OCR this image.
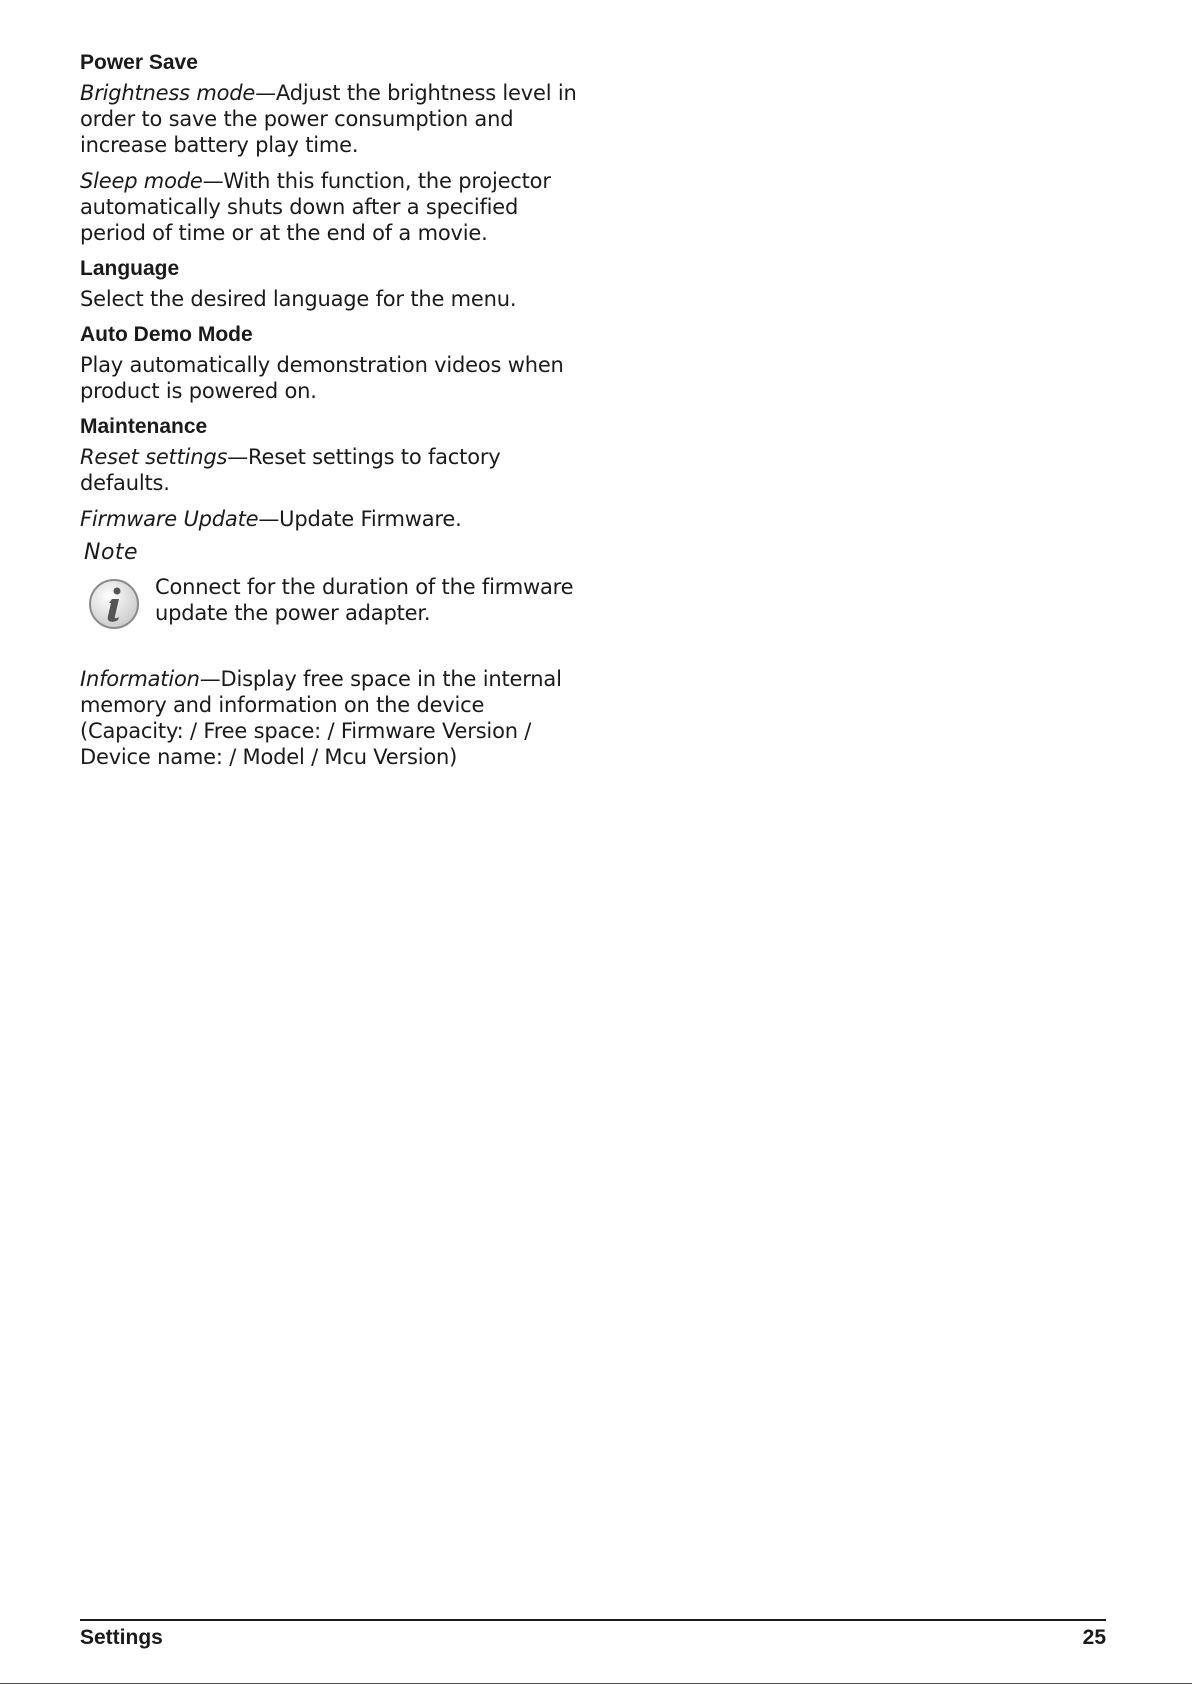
Power Save
Brightness mode—Adjust the brightness level in order to save the power consumption and increase battery play time.
Sleep mode—With this function, the projector automatically shuts down after a specified period of time or at the end of a movie.
Language
Select the desired language for the menu.
Auto Demo Mode
Play automatically demonstration videos when product is powered on.
Maintenance
Reset settings—Reset settings to factory defaults.
Firmware Update—Update Firmware.
Note
Connect for the duration of the firmware update the power adapter.
Information—Display free space in the internal memory and information on the device (Capacity: / Free space: / Firmware Version / Device name: / Model / Mcu Version)
Settings	25
